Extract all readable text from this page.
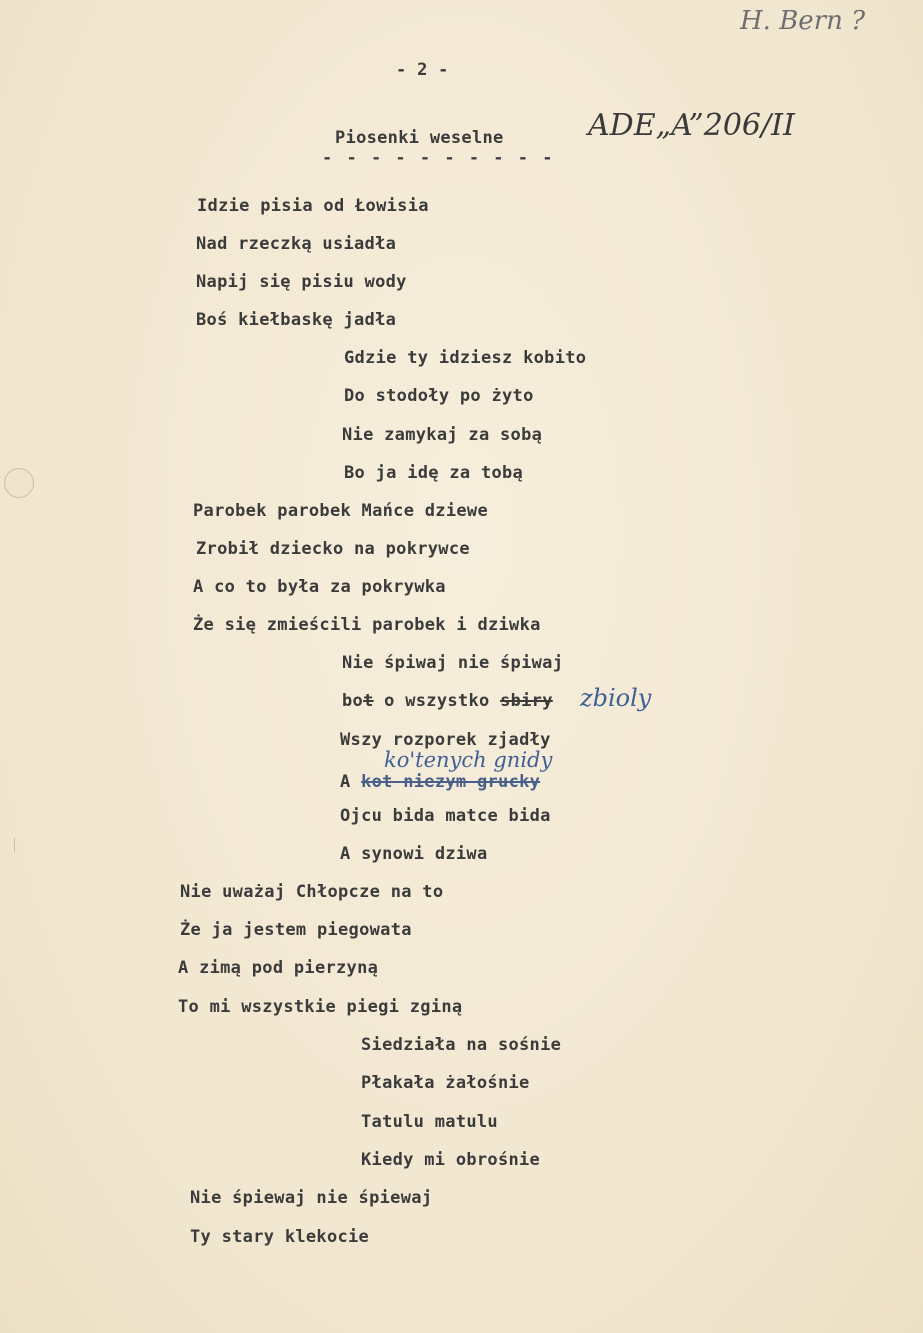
H. Bern ?
- 2 -
Piosenki weselne
- - - - - - - - - -
ADE„A”206/II
Idzie pisia od Łowisia
Nad rzeczką usiadła
Napij się pisiu wody
Boś kiełbaskę jadła
Gdzie ty idziesz kobito
Do stodoły po żyto
Nie zamykaj za sobą
Bo ja idę za tobą
Parobek parobek Mańce dziewe
Zrobił dziecko na pokrywce
A co to była za pokrywka
Że się zmieścili parobek i dziwka
Nie śpiwaj nie śpiwaj
bot o wszystko sbiry zbioly
Wszy rozporek zjadły
ko'tenych gnidy
A kot niezym grucky
Ojcu bida matce bida
A synowi dziwa
Nie uważaj Chłopcze na to
Że ja jestem piegowata
A zimą pod pierzyną
To mi wszystkie piegi zginą
Siedziała na sośnie
Płakała żałośnie
Tatulu matulu
Kiedy mi obrośnie
Nie śpiewaj nie śpiewaj
Ty stary klekocie
